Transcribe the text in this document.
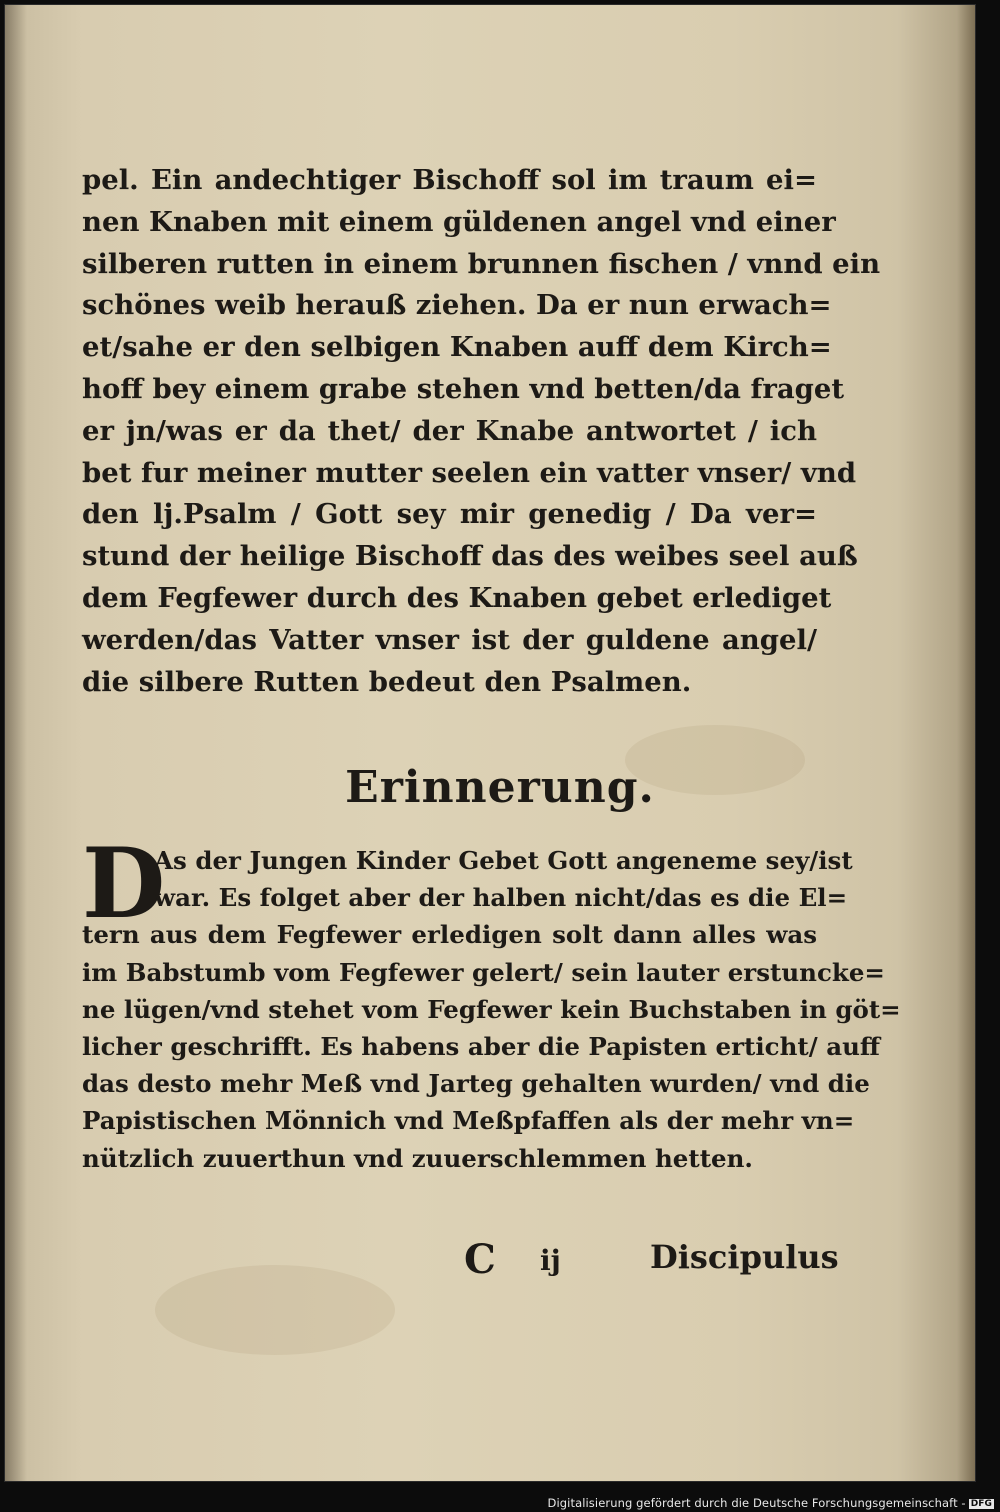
pel. Ein andechtiger Bischoff sol im traum ei=
nen Knaben mit einem güldenen angel vnd einer
silberen rutten in einem brunnen fischen / vnnd ein
schönes weib herauß ziehen. Da er nun erwach=
et/sahe er den selbigen Knaben auff dem Kirch=
hoff bey einem grabe stehen vnd betten/da fraget
er jn/was er da thet/ der Knabe antwortet / ich
bet fur meiner mutter seelen ein vatter vnser/ vnd
den lj.Psalm / Gott sey mir genedig / Da ver=
stund der heilige Bischoff das des weibes seel auß
dem Fegfewer durch des Knaben gebet erlediget
werden/das Vatter vnser ist der guldene angel/
die silbere Rutten bedeut den Psalmen.
Erinnerung.
D
As der Jungen Kinder Gebet Gott angeneme sey/ist
war. Es folget aber der halben nicht/das es die El=
tern aus dem Fegfewer erledigen solt dann alles was
im Babstumb vom Fegfewer gelert/ sein lauter erstuncke=
ne lügen/vnd stehet vom Fegfewer kein Buchstaben in göt=
licher geschrifft. Es habens aber die Papisten erticht/ auff
das desto mehr Meß vnd Jarteg gehalten wurden/ vnd die
Papistischen Mönnich vnd Meßpfaffen als der mehr vn=
nützlich zuuerthun vnd zuuerschlemmen hetten.
C ij	Discipulus
Digitalisierung gefördert durch die Deutsche Forschungsgemeinschaft - DFG
